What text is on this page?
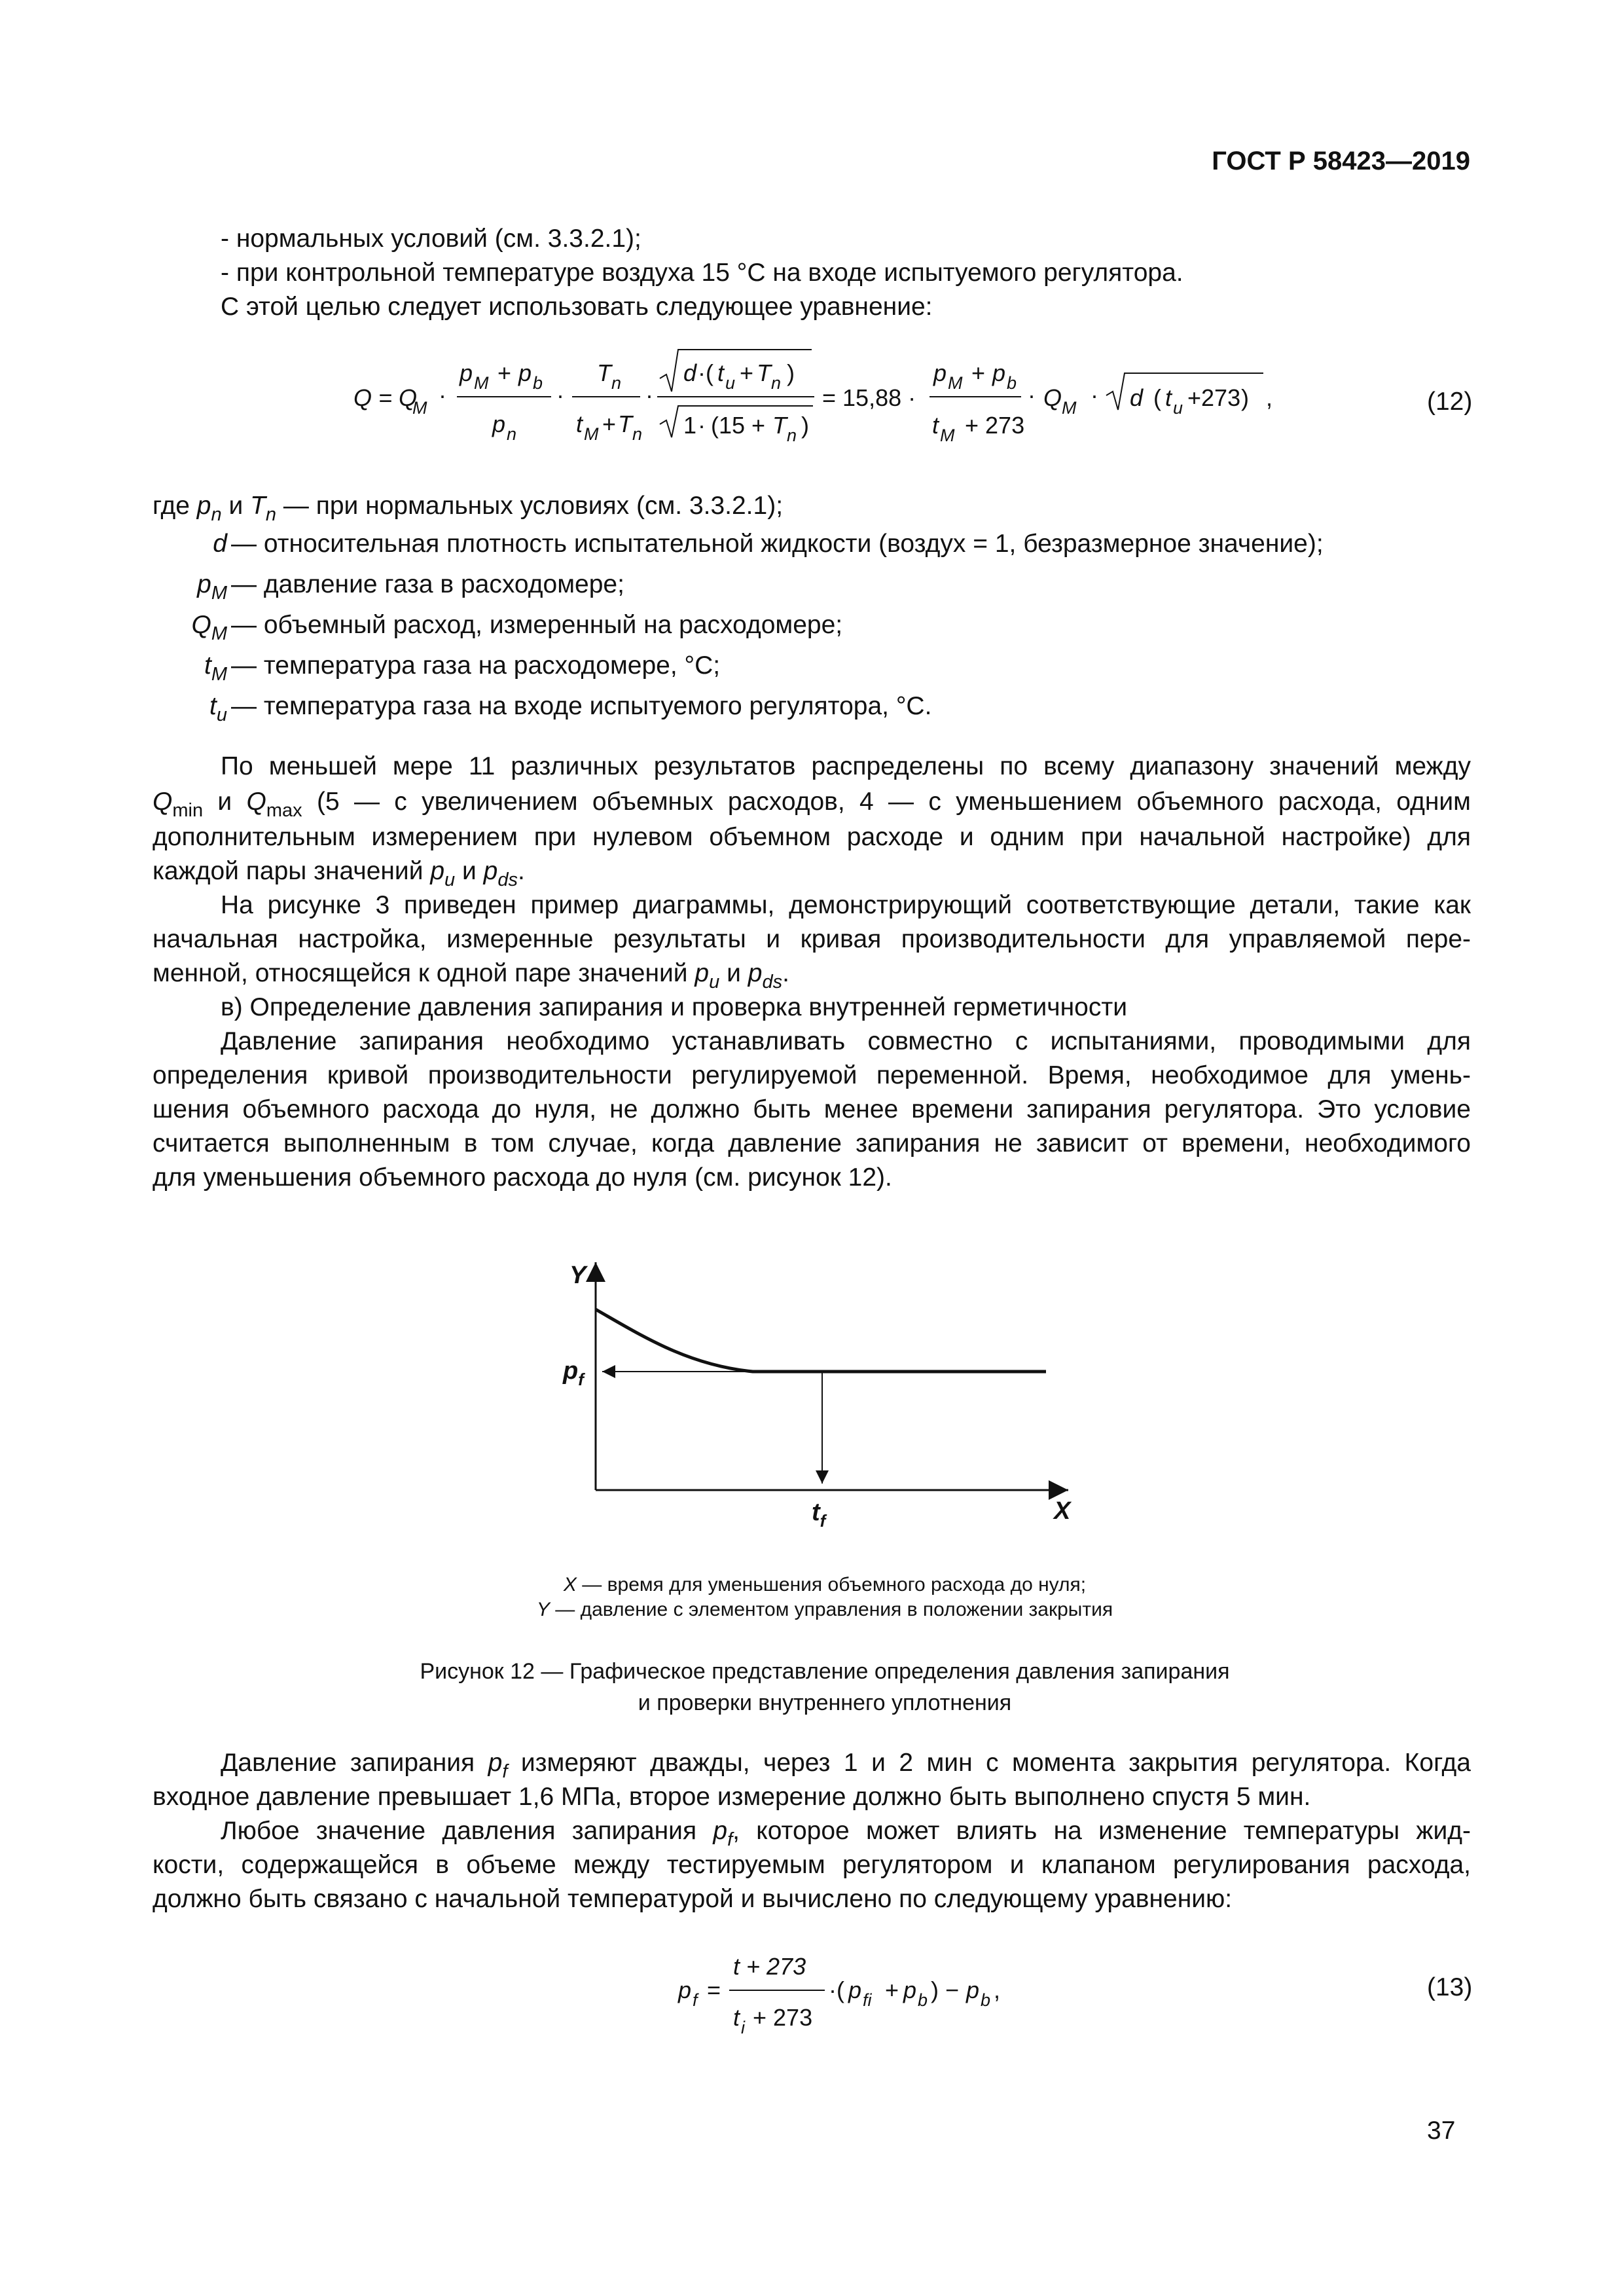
ГОСТ Р 58423—2019
- нормальных условий (см. 3.3.2.1);
- при контрольной температуре воздуха 15 °С на входе испытуемого регулятора.
С этой целью следует использовать следующее уравнение:
Q = Q
M ·
p M + p b
p n
·
T n
t M + T n
·
d ·( t u + T n )
1 · (15 + T n )
= 15,88 ·
p M + p b
t M + 273
· Q M · d ( t u +273 ) ,	(12)
где $p_n$ и $T_n$ — при нормальных условиях (см. 3.3.2.1);
d — относительная плотность испытательной жидкости (воздух = 1, безразмерное значение);
$p_M$ — давление газа в расходомере;
$Q_M$ — объемный расход, измеренный на расходомере;
$t_M$ — температура газа на расходомере, °С;
$t_u$ — температура газа на входе испытуемого регулятора, °С.
По меньшей мере 11 различных результатов распределены по всему диапазону значений между
$Q_{min}$ и $Q_{max}$ (5 — с увеличением объемных расходов, 4 — с уменьшением объемного расхода, одним
дополнительным измерением при нулевом объемном расходе и одним при начальной настройке) для
каждой пары значений $p_u$ и $p_{ds}$.
На рисунке 3 приведен пример диаграммы, демонстрирующий соответствующие детали, такие как
начальная настройка, измеренные результаты и кривая производительности для управляемой пере-
менной, относящейся к одной паре значений $p_u$ и $p_{ds}$.
в) Определение давления запирания и проверка внутренней герметичности
Давление запирания необходимо устанавливать совместно с испытаниями, проводимыми для
определения кривой производительности регулируемой переменной. Время, необходимое для умень-
шения объемного расхода до нуля, не должно быть менее времени запирания регулятора. Это условие
считается выполненным в том случае, когда давление запирания не зависит от времени, необходимого
для уменьшения объемного расхода до нуля (см. рисунок 12).
Y
X
$p_f$
$t_f$
X — время для уменьшения объемного расхода до нуля;
Y — давление с элементом управления в положении закрытия
Рисунок 12 — Графическое представление определения давления запирания
и проверки внутреннего уплотнения
Давление запирания $p_f$ измеряют дважды, через 1 и 2 мин с момента закрытия регулятора. Когда
входное давление превышает 1,6 МПа, второе измерение должно быть выполнено спустя 5 мин.
Любое значение давления запирания $p_f$, которое может влиять на изменение температуры жид-
кости, содержащейся в объеме между тестируемым регулятором и клапаном регулирования расхода,
должно быть связано с начальной температурой и вычислено по следующему уравнению:
p f =
t + 273
t i + 273
·( p fi + p b ) − p b ,	(13)
37
